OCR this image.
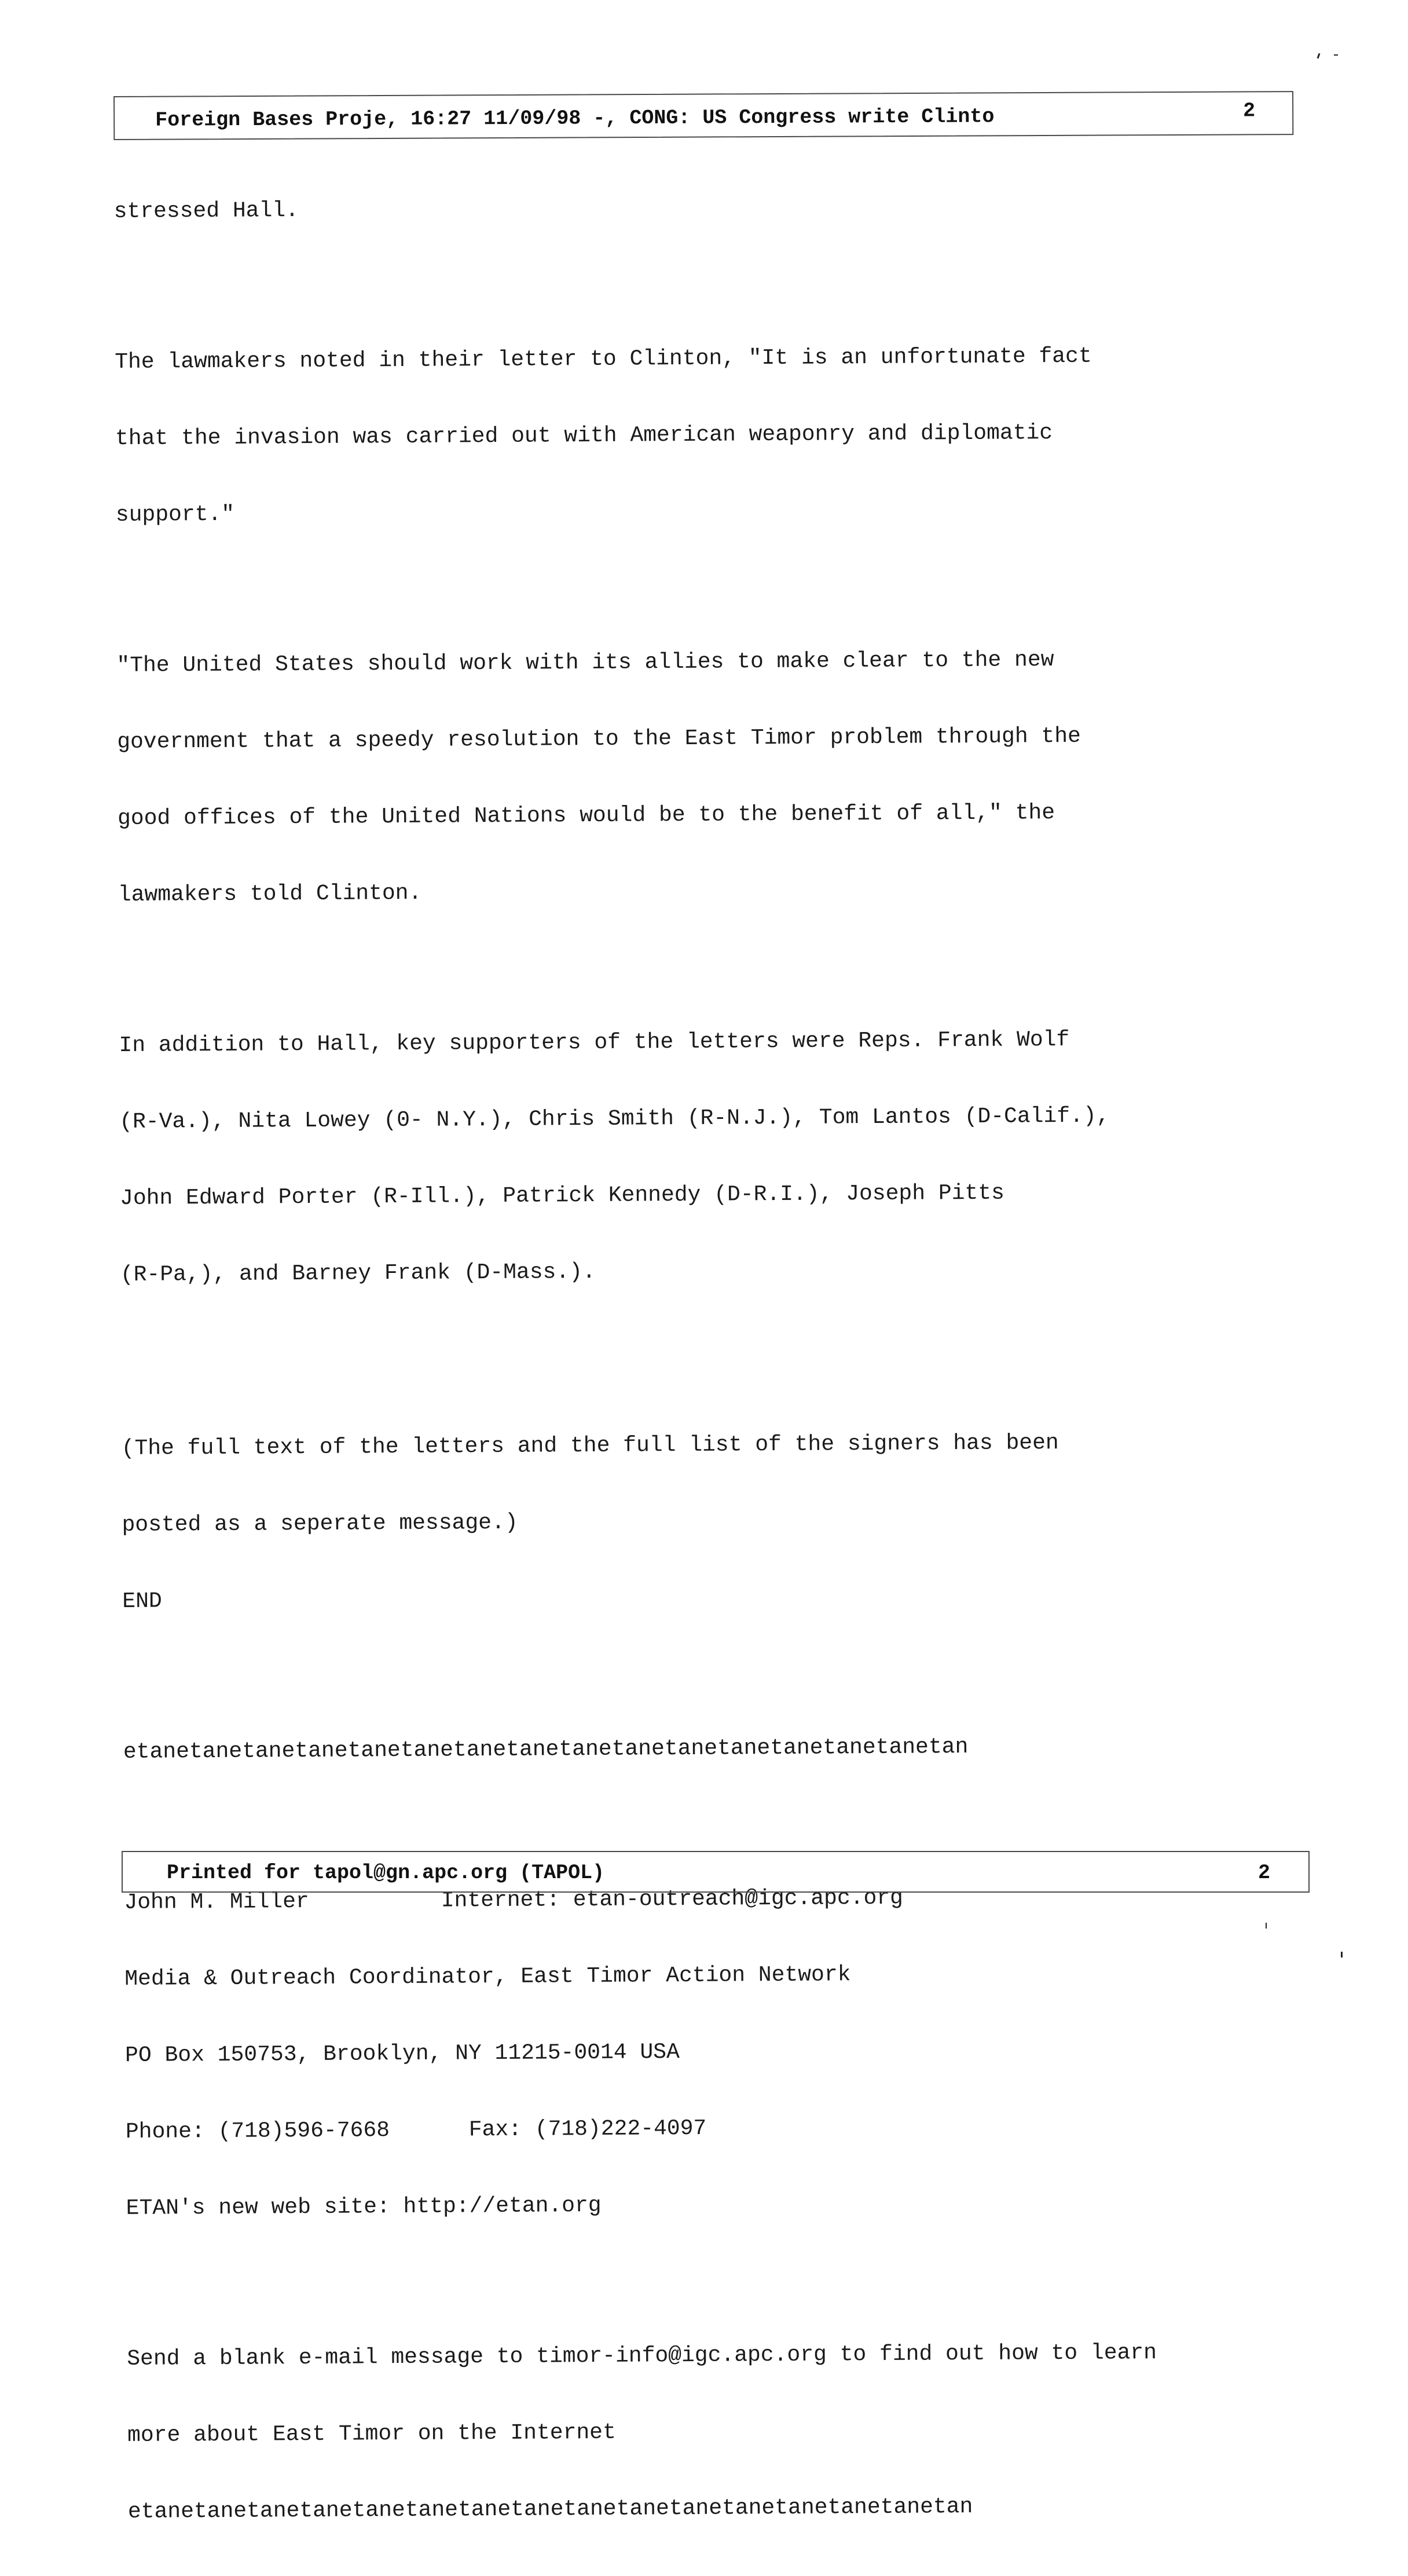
Foreign Bases Proje, 16:27 11/09/98 -, CONG: US Congress write Clinto	2

stressed Hall.

The lawmakers noted in their letter to Clinton, "It is an unfortunate fact

that the invasion was carried out with American weaponry and diplomatic

support."

"The United States should work with its allies to make clear to the new

government that a speedy resolution to the East Timor problem through the

good offices of the United Nations would be to the benefit of all," the

lawmakers told Clinton.

In addition to Hall, key supporters of the letters were Reps. Frank Wolf

(R-Va.), Nita Lowey (0- N.Y.), Chris Smith (R-N.J.), Tom Lantos (D-Calif.),

John Edward Porter (R-Ill.), Patrick Kennedy (D-R.I.), Joseph Pitts

(R-Pa,), and Barney Frank (D-Mass.).

(The full text of the letters and the full list of the signers has been

posted as a seperate message.)

END

etanetanetanetanetanetanetanetanetanetanetanetanetanetanetanetan

John M. Miller	Internet: etan-outreach@igc.apc.org

Media & Outreach Coordinator, East Timor Action Network

PO Box 150753, Brooklyn, NY 11215-0014 USA

Phone: (718)596-7668	Fax: (718)222-4097

ETAN's new web site: http://etan.org

Send a blank e-mail message to timor-info@igc.apc.org to find out how to learn

more about East Timor on the Internet

etanetanetanetanetanetanetanetanetanetanetanetanetanetanetanetan

Printed for tapol@gn.apc.org (TAPOL)	2
